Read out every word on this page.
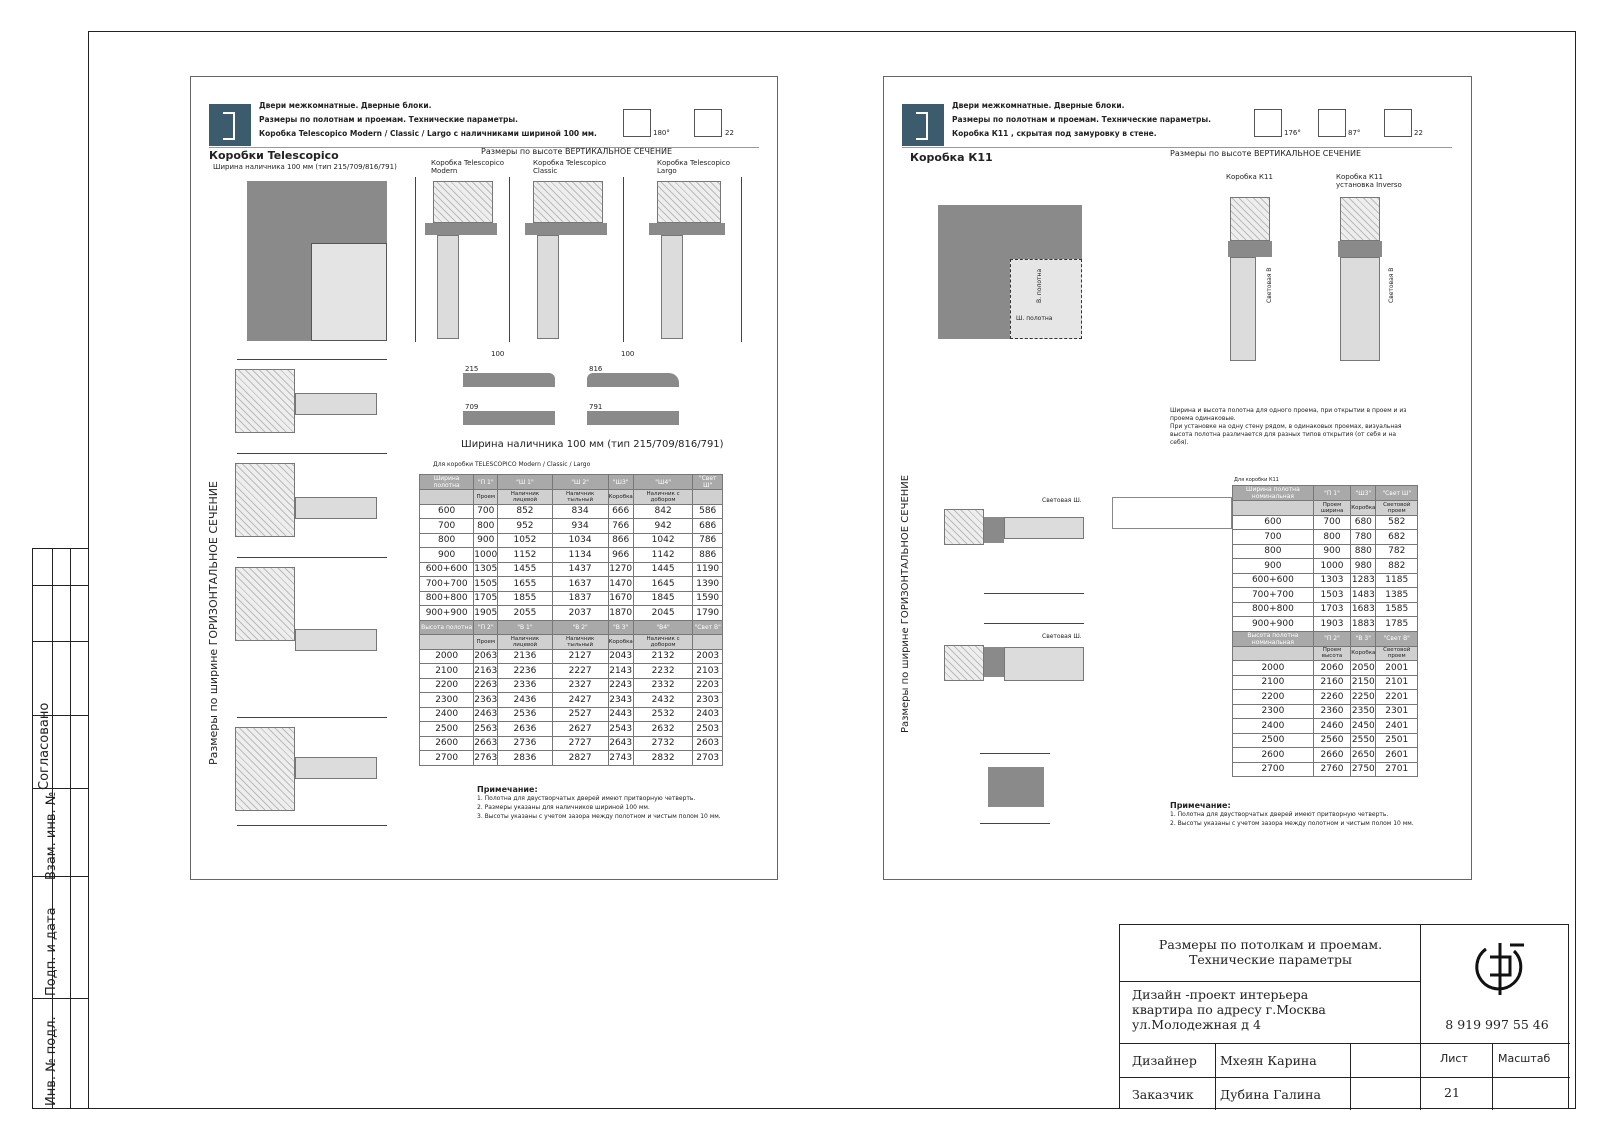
Согласовано
Взам. инв. №
Подп. и дата
Инв. № подл.
Двери межкомнатные. Дверные блоки.
Размеры по полотнам и проемам. Технические параметры.
Коробка Telescopico Modern / Classic / Largo с наличниками шириной 100 мм.	180°	22
Коробки Telescopico
Ширина наличника 100 мм (тип 215/709/816/791)
Размеры по высоте ВЕРТИКАЛЬНОЕ СЕЧЕНИЕ
Коробка Telescopico Modern
Коробка Telescopico Classic
Коробка Telescopico Largo
Размеры по ширине ГОРИЗОНТАЛЬНОЕ СЕЧЕНИЕ
100	100
215	816
709	791
Ширина наличника 100 мм (тип 215/709/816/791)
Для коробки TELESCOPICO Modern / Classic / Largo
Ширина полотна	"П 1"	"Ш 1"	"Ш 2"	"Ш3"	"Ш4"	"Свет Ш"
	Проем	Наличник лицевой	Наличник тыльный	Коробка	Наличник с добором	
600	700	852	834	666	842	586
700	800	952	934	766	942	686
800	900	1052	1034	866	1042	786
900	1000	1152	1134	966	1142	886
600+600	1305	1455	1437	1270	1445	1190
700+700	1505	1655	1637	1470	1645	1390
800+800	1705	1855	1837	1670	1845	1590
900+900	1905	2055	2037	1870	2045	1790
Высота полотна	"П 2"	"В 1"	"В 2"	"В 3"	"В4"	"Свет В"
	Проем	Наличник лицевой	Наличник тыльный	Коробка	Наличник с добором	
2000	2063	2136	2127	2043	2132	2003
2100	2163	2236	2227	2143	2232	2103
2200	2263	2336	2327	2243	2332	2203
2300	2363	2436	2427	2343	2432	2303
2400	2463	2536	2527	2443	2532	2403
2500	2563	2636	2627	2543	2632	2503
2600	2663	2736	2727	2643	2732	2603
2700	2763	2836	2827	2743	2832	2703
Примечание:
1. Полотна для двустворчатых дверей имеют притворную четверть.
2. Размеры указаны для наличников шириной 100 мм.
3. Высоты указаны с учетом зазора между полотном и чистым полом 10 мм.
Двери межкомнатные. Дверные блоки.
Размеры по полотнам и проемам. Технические параметры.
Коробка К11 , скрытая под замуровку в стене.	176°	87°	22
Коробка К11	Размеры по высоте ВЕРТИКАЛЬНОЕ СЕЧЕНИЕ
В. полотна
Ш. полотна
Коробка К11	Коробка К11 установка Inverso
Световая В	Световая В
Ширина и высота полотна для одного проема, при открытии в проем и из проема одинаковые.
При установке на одну стену рядом, в одинаковых проемах, визуальная высота полотна различается для разных типов открытия (от себя и на себя).
Размеры по ширине ГОРИЗОНТАЛЬНОЕ СЕЧЕНИЕ	Световая Ш.
Световая Ш.
Для коробки К11
Ширина полотна номинальная	"П 1"	"Ш3"	"Свет Ш"
	Проем ширина	Коробка	Световой проем
600	700	680	582
700	800	780	682
800	900	880	782
900	1000	980	882
600+600	1303	1283	1185
700+700	1503	1483	1385
800+800	1703	1683	1585
900+900	1903	1883	1785
Высота полотна номинальная	"П 2"	"В 3"	"Свет В"
	Проем высота	Коробка	Световой проем
2000	2060	2050	2001
2100	2160	2150	2101
2200	2260	2250	2201
2300	2360	2350	2301
2400	2460	2450	2401
2500	2560	2550	2501
2600	2660	2650	2601
2700	2760	2750	2701
Примечание:
1. Полотна для двустворчатых дверей имеют притворную четверть.
2. Высоты указаны с учетом зазора между полотном и чистым полом 10 мм.
Размеры по потолкам и проемам. Технические параметры
Дизайн -проект интерьера квартира по адресу г.Москва ул.Молодежная д 4	8 919 997 55 46
Дизайнер Мхеян Карина	Лист	Масштаб
Заказчик Дубина Галина	21
